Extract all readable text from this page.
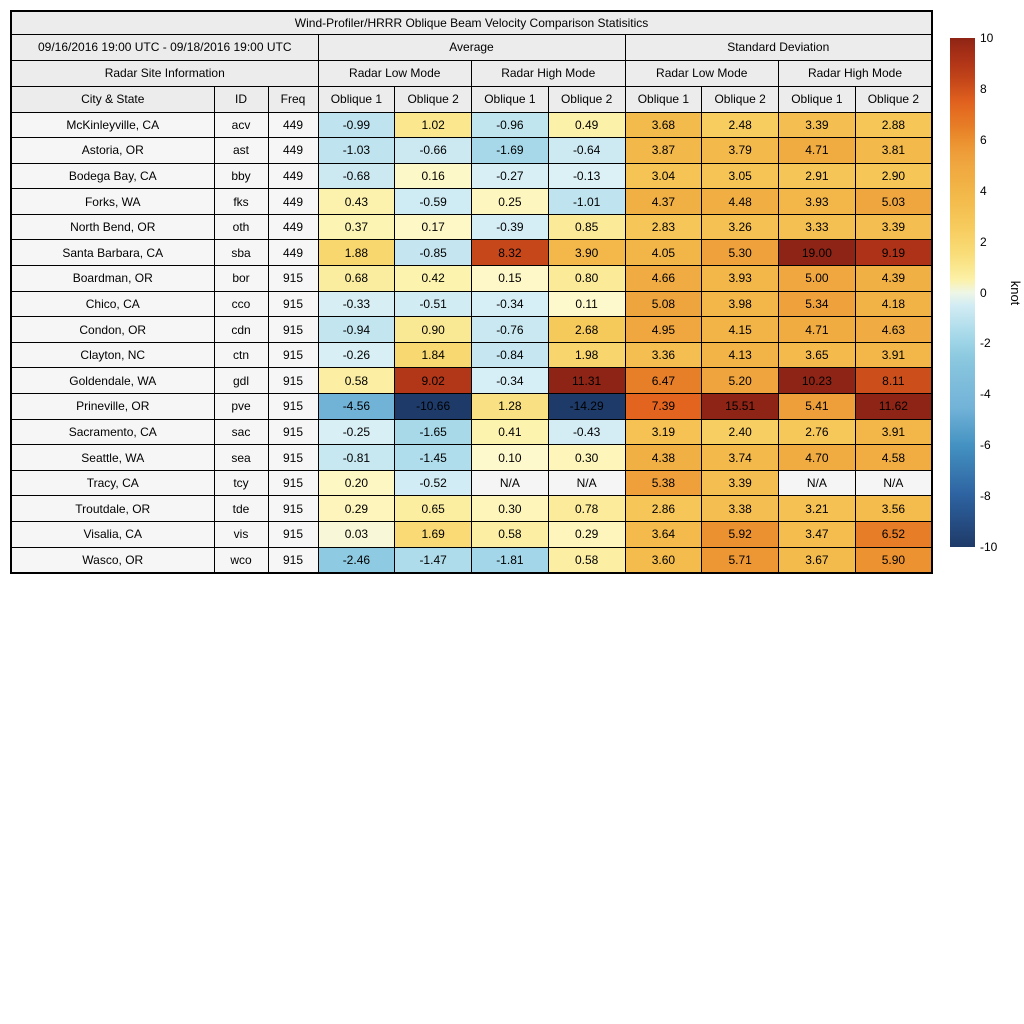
Wind-Profiler/HRRR Oblique Beam Velocity Comparison Statisitics										
09/16/2016 19:00 UTC - 09/18/2016 19:00 UTC			Average				Standard Deviation			
Radar Site Information			Radar Low Mode		Radar High Mode		Radar Low Mode		Radar High Mode	
City & State	ID	Freq	Oblique 1	Oblique 2	Oblique 1	Oblique 2	Oblique 1	Oblique 2	Oblique 1	Oblique 2
McKinleyville, CA	acv	449	-0.99	1.02	-0.96	0.49	3.68	2.48	3.39	2.88
Astoria, OR	ast	449	-1.03	-0.66	-1.69	-0.64	3.87	3.79	4.71	3.81
Bodega Bay, CA	bby	449	-0.68	0.16	-0.27	-0.13	3.04	3.05	2.91	2.90
Forks, WA	fks	449	0.43	-0.59	0.25	-1.01	4.37	4.48	3.93	5.03
North Bend, OR	oth	449	0.37	0.17	-0.39	0.85	2.83	3.26	3.33	3.39
Santa Barbara, CA	sba	449	1.88	-0.85	8.32	3.90	4.05	5.30	19.00	9.19
Boardman, OR	bor	915	0.68	0.42	0.15	0.80	4.66	3.93	5.00	4.39
Chico, CA	cco	915	-0.33	-0.51	-0.34	0.11	5.08	3.98	5.34	4.18
Condon, OR	cdn	915	-0.94	0.90	-0.76	2.68	4.95	4.15	4.71	4.63
Clayton, NC	ctn	915	-0.26	1.84	-0.84	1.98	3.36	4.13	3.65	3.91
Goldendale, WA	gdl	915	0.58	9.02	-0.34	11.31	6.47	5.20	10.23	8.11
Prineville, OR	pve	915	-4.56	-10.66	1.28	-14.29	7.39	15.51	5.41	11.62
Sacramento, CA	sac	915	-0.25	-1.65	0.41	-0.43	3.19	2.40	2.76	3.91
Seattle, WA	sea	915	-0.81	-1.45	0.10	0.30	4.38	3.74	4.70	4.58
Tracy, CA	tcy	915	0.20	-0.52	N/A	N/A	5.38	3.39	N/A	N/A
Troutdale, OR	tde	915	0.29	0.65	0.30	0.78	2.86	3.38	3.21	3.56
Visalia, CA	vis	915	0.03	1.69	0.58	0.29	3.64	5.92	3.47	6.52
Wasco, OR	wco	915	-2.46	-1.47	-1.81	0.58	3.60	5.71	3.67	5.90
10
8
6
4
2
0
-2
-4
-6
-8
-10
knot
